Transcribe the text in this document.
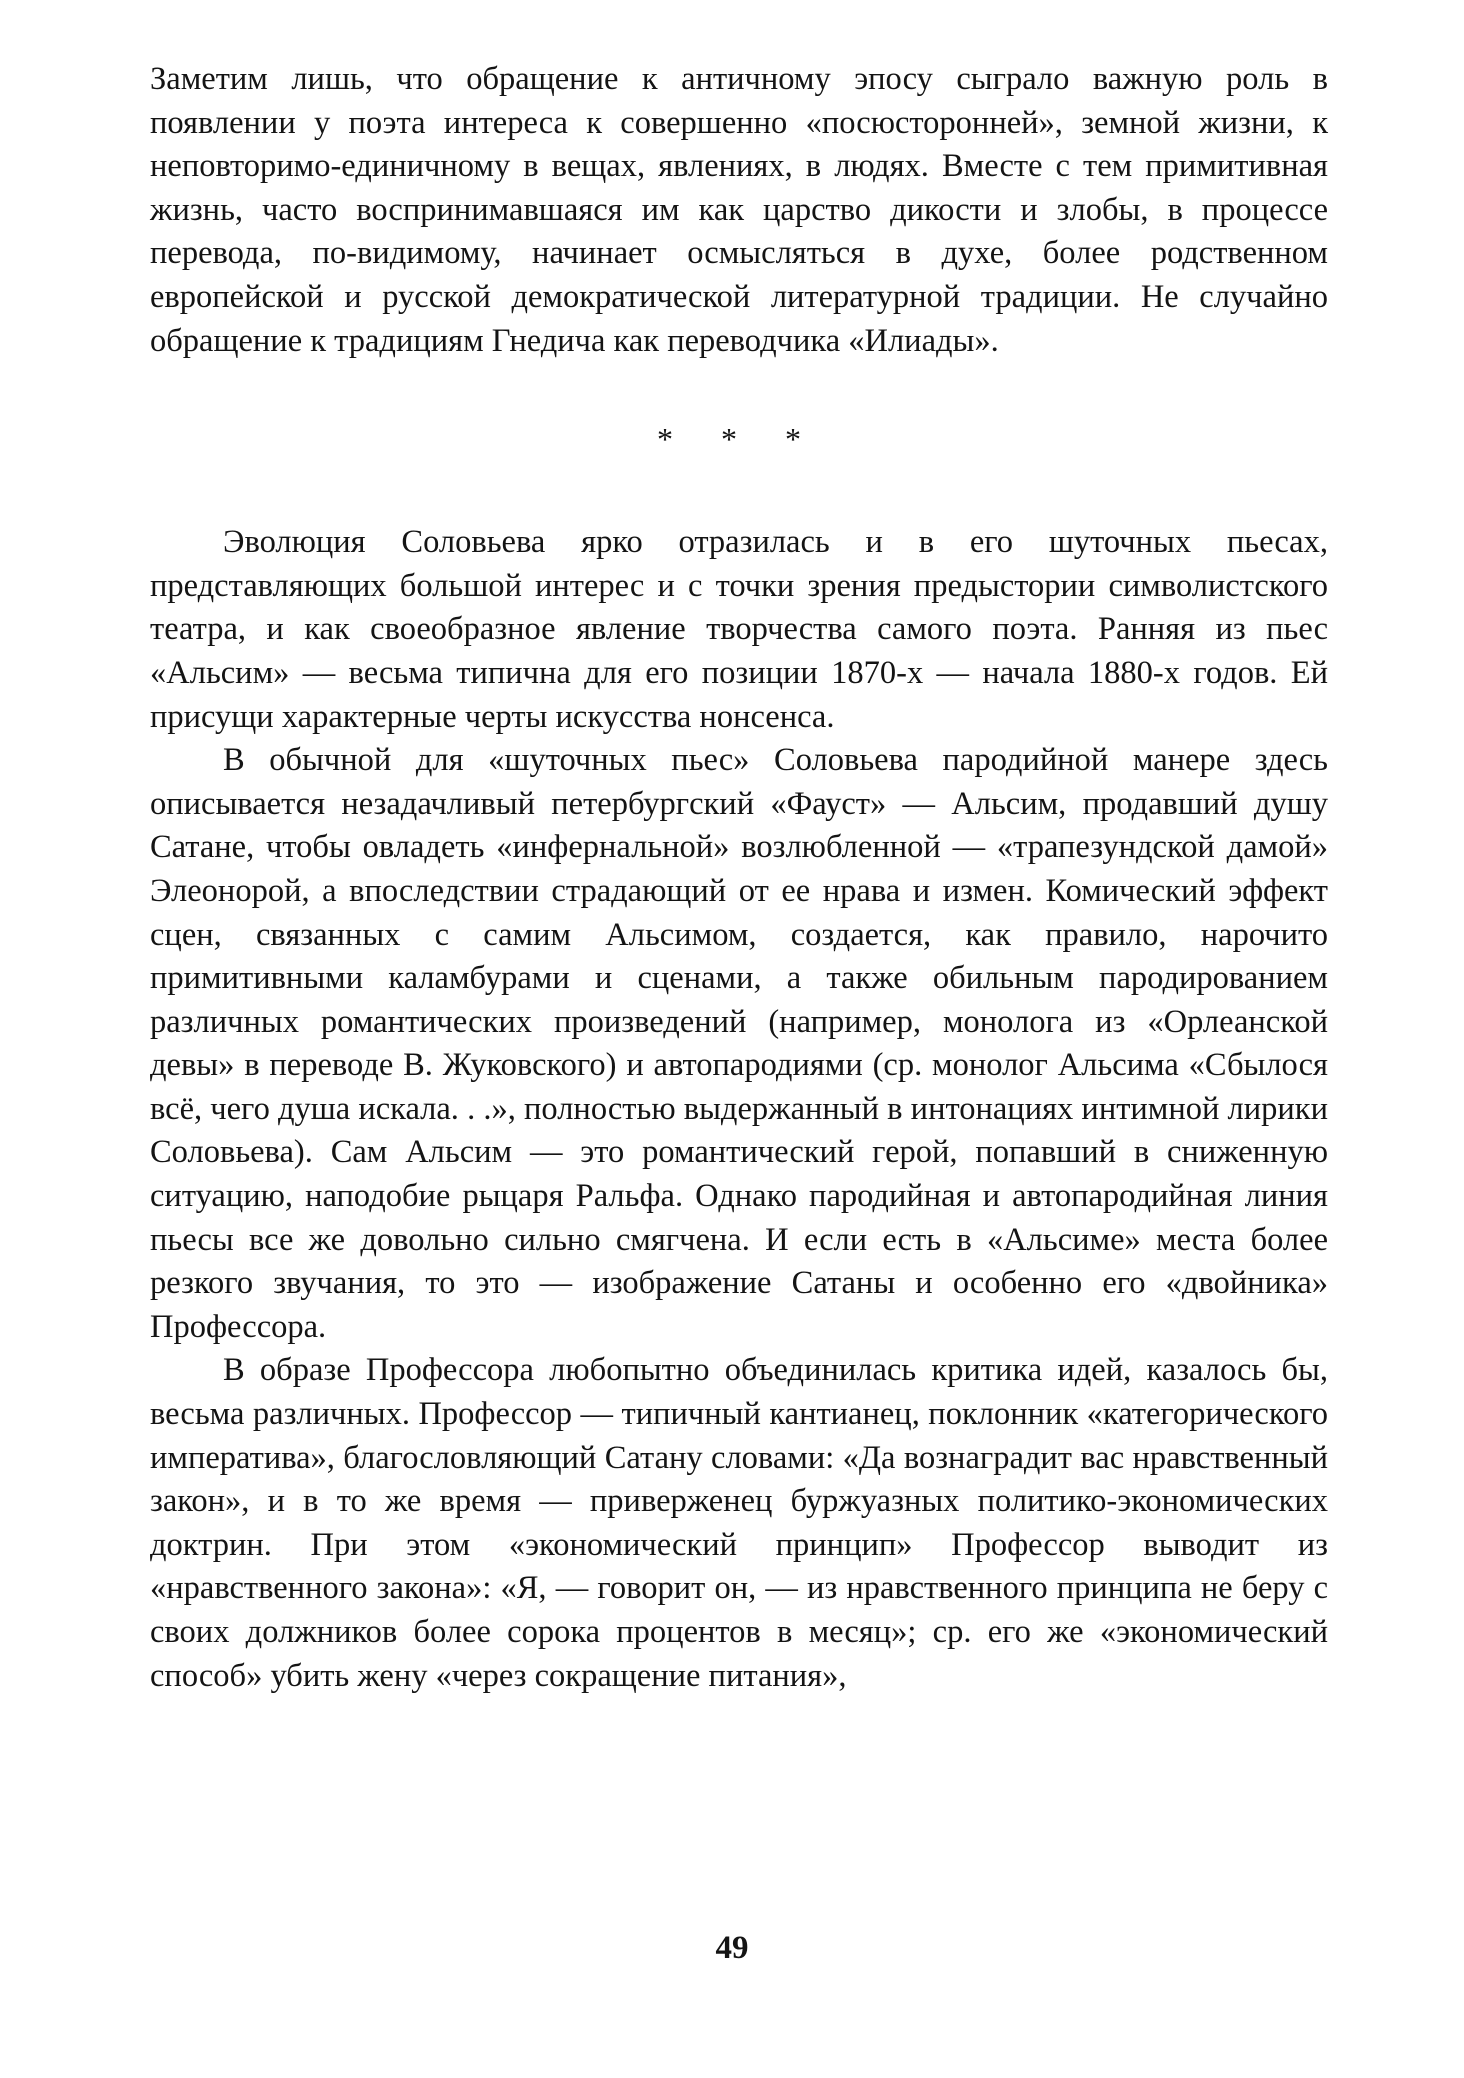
Заметим лишь, что обращение к античному эпосу сыграло важную роль в появлении у поэта интереса к совершенно «посюсторонней», земной жизни, к неповторимо-единичному в вещах, явлениях, в людях. Вместе с тем примитивная жизнь, часто воспринимавшаяся им как царство дикости и злобы, в процессе перевода, по-видимому, начинает осмысляться в духе, более родственном европейской и русской демократической литературной традиции. Не случайно обращение к традициям Гнедича как переводчика «Илиады».

* * *

Эволюция Соловьева ярко отразилась и в его шуточных пьесах, представляющих большой интерес и с точки зрения предыстории символистского театра, и как своеобразное явление творчества самого поэта. Ранняя из пьес «Альсим» — весьма типична для его позиции 1870-х — начала 1880-х годов. Ей присущи характерные черты искусства нонсенса.

В обычной для «шуточных пьес» Соловьева пародийной манере здесь описывается незадачливый петербургский «Фауст» — Альсим, продавший душу Сатане, чтобы овладеть «инфернальной» возлюбленной — «трапезундской дамой» Элеонорой, а впоследствии страдающий от ее нрава и измен. Комический эффект сцен, связанных с самим Альсимом, создается, как правило, нарочито примитивными каламбурами и сценами, а также обильным пародированием различных романтических произведений (например, монолога из «Орлеанской девы» в переводе В. Жуковского) и автопародиями (ср. монолог Альсима «Сбылося всё, чего душа искала. . .», полностью выдержанный в интонациях интимной лирики Соловьева). Сам Альсим — это романтический герой, попавший в сниженную ситуацию, наподобие рыцаря Ральфа. Однако пародийная и автопародийная линия пьесы все же довольно сильно смягчена. И если есть в «Альсиме» места более резкого звучания, то это — изображение Сатаны и особенно его «двойника» Профессора.

В образе Профессора любопытно объединилась критика идей, казалось бы, весьма различных. Профессор — типичный кантианец, поклонник «категорического императива», благословляющий Сатану словами: «Да вознаградит вас нравственный закон», и в то же время — приверженец буржуазных политико-экономических доктрин. При этом «экономический принцип» Профессор выводит из «нравственного закона»: «Я, — говорит он, — из нравственного принципа не беру с своих должников более сорока процентов в месяц»; ср. его же «экономический способ» убить жену «через сокращение питания»,

49
